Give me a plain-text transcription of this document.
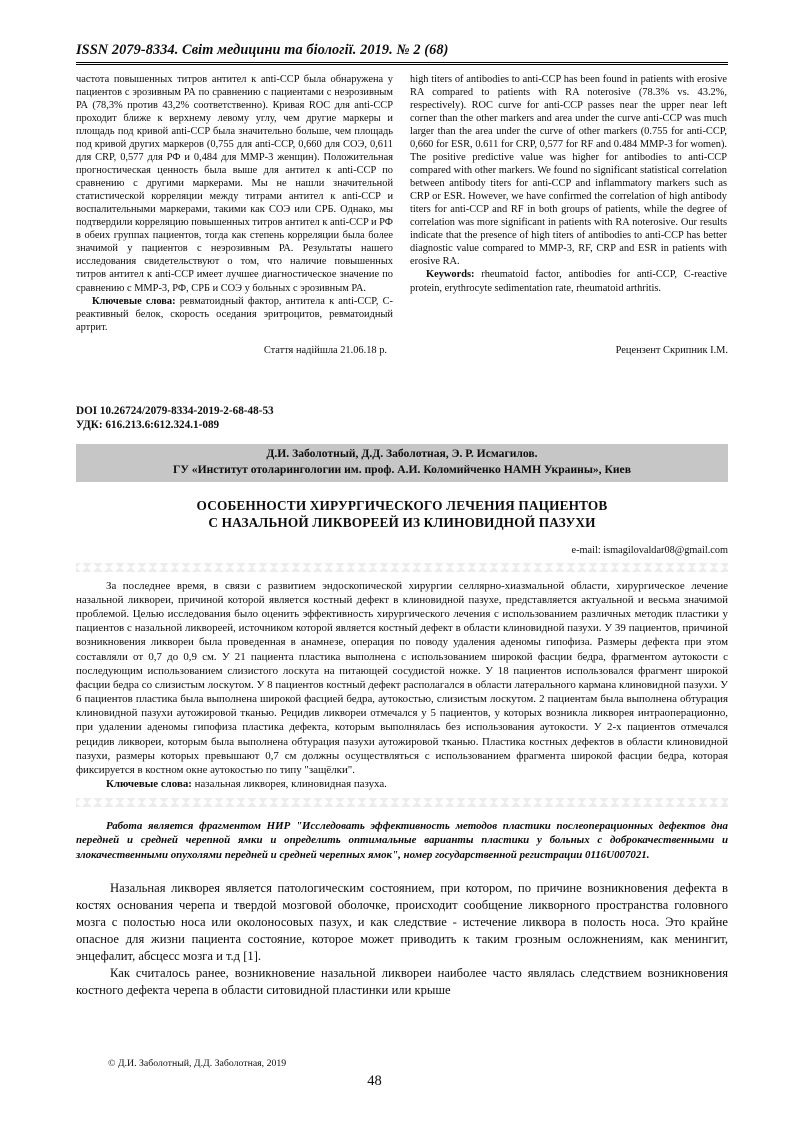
ISSN 2079-8334. Світ медицини та біології. 2019. № 2 (68)

частота повышенных титров антител к anti-CCP была обнаружена у пациентов с эрозивным РА по сравнению с пациентами с неэрозивным РА (78,3% против 43,2% соответственно). Кривая ROC для anti-CCP проходит ближе к верхнему левому углу, чем другие маркеры и площадь под кривой anti-CCP была значительно больше, чем площадь под кривой других маркеров (0,755 для anti-CCP, 0,660 для СОЭ, 0,611 для CRP, 0,577 для РФ и 0,484 для MMP-3 женщин). Положительная прогностическая ценность была выше для антител к anti-CCP по сравнению с другими маркерами. Мы не нашли значительной статистической корреляции между титрами антител к anti-CCP и воспалительными маркерами, такими как СОЭ или СРБ. Однако, мы подтвердили корреляцию повышенных титров антител к anti-CCP и РФ в обеих группах пациентов, тогда как степень корреляции была более значимой у пациентов с неэрозивным РА. Результаты нашего исследования свидетельствуют о том, что наличие повышенных титров антител к anti-CCP имеет лучшее диагностическое значение по сравнению с MMP-3, РФ, СРБ и СОЭ у больных с эрозивным РА.

Ключевые слова: ревматоидный фактор, антитела к anti-CCP, С-реактивный белок, скорость оседания эритроцитов, ревматоидный артрит.

high titers of antibodies to anti-CCP has been found in patients with erosive RA compared to patients with RA noterosive (78.3% vs. 43.2%, respectively). ROC curve for anti-CCP passes near the upper near left corner than the other markers and area under the curve anti-CCP was much larger than the area under the curve of other markers (0.755 for anti-CCP, 0,660 for ESR, 0.611 for CRP, 0,577 for RF and 0.484 MMP-3 for women). The positive predictive value was higher for antibodies to anti-CCP compared with other markers. We found no significant statistical correlation between antibody titers for anti-CCP and inflammatory markers such as CRP or ESR. However, we have confirmed the correlation of high antibody titers for anti-CCP and RF in both groups of patients, while the degree of correlation was more significant in patients with RA noterosive. Our results indicate that the presence of high titers of antibodies to anti-CCP has better diagnostic value compared to MMP-3, RF, CRP and ESR in patients with erosive RA.

Keywords: rheumatoid factor, antibodies for anti-CCP, C-reactive protein, erythrocyte sedimentation rate, rheumatoid arthritis.

Стаття надійшла 21.06.18 р.	Рецензент Скрипник І.М.
DOI 10.26724/2079-8334-2019-2-68-48-53
УДК: 616.213.6:612.324.1-089
Д.И. Заболотный, Д.Д. Заболотная, Э. Р. Исмагилов.
ГУ «Институт отоларингологии им. проф. А.И. Коломийченко НАМН Украины», Киев
ОСОБЕННОСТИ ХИРУРГИЧЕСКОГО ЛЕЧЕНИЯ ПАЦИЕНТОВ
С НАЗАЛЬНОЙ ЛИКВОРЕЕЙ ИЗ КЛИНОВИДНОЙ ПАЗУХИ
e-mail: ismagilovaldar08@gmail.com

За последнее время, в связи с развитием эндоскопической хирургии селлярно-хиазмальной области, хирургическое лечение назальной ликвореи, причиной которой является костный дефект в клиновидной пазухе, представляется актуальной и весьма значимой проблемой. Целью исследования было оценить эффективность хирургического лечения с использованием различных методик пластики у пациентов с назальной ликвореей, источником которой является костный дефект в области клиновидной пазухи. У 39 пациентов, причиной возникновения ликвореи была проведенная в анамнезе, операция по поводу удаления аденомы гипофиза. Размеры дефекта при этом составляли от 0,7 до 0,9 см. У 21 пациента пластика выполнена с использованием широкой фасции бедра, фрагментом аутокости с последующим использованием слизистого лоскута на питающей сосудистой ножке. У 18 пациентов использовался фрагмент широкой фасции бедра со слизистым лоскутом. У 8 пациентов костный дефект располагался в области латерального кармана клиновидной пазухи. У 6 пациентов пластика была выполнена широкой фасцией бедра, аутокостью, слизистым лоскутом. 2 пациентам была выполнена обтурация клиновидной пазухи аутожировой тканью. Рецидив ликвореи отмечался у 5 пациентов, у которых возникла ликворея интраоперационно, при удалении аденомы гипофиза пластика дефекта, которым выполнялась без использования аутокости. У 2-х пациентов отмечался рецидив ликвореи, которым была выполнена обтурация пазухи аутожировой тканью. Пластика костных дефектов в области клиновидной пазухи, размеры которых превышают 0,7 см должны осуществляться с использованием фрагмента широкой фасции бедра, которая фиксируется в костном окне аутокостью по типу "защёлки".

Ключевые слова: назальная ликворея, клиновидная пазуха.

Работа является фрагментом НИР "Исследовать эффективность методов пластики послеоперационных дефектов дна передней и средней черепной ямки и определить оптимальные варианты пластики у больных с доброкачественными и злокачественными опухолями передней и средней черепных ямок", номер государственной регистрации 0116U007021.

Назальная ликворея является патологическим состоянием, при котором, по причине возникновения дефекта в костях основания черепа и твердой мозговой оболочке, происходит сообщение ликворного пространства головного мозга с полостью носа или околоносовых пазух, и как следствие - истечение ликвора в полость носа. Это крайне опасное для жизни пациента состояние, которое может приводить к таким грозным осложнениям, как менингит, энцефалит, абсцесс мозга и т.д [1].

Как считалось ранее, возникновение назальной ликвореи наиболее часто являлась следствием возникновения костного дефекта черепа в области ситовидной пластинки или крыше

© Д.И. Заболотный, Д.Д. Заболотная, 2019
48
